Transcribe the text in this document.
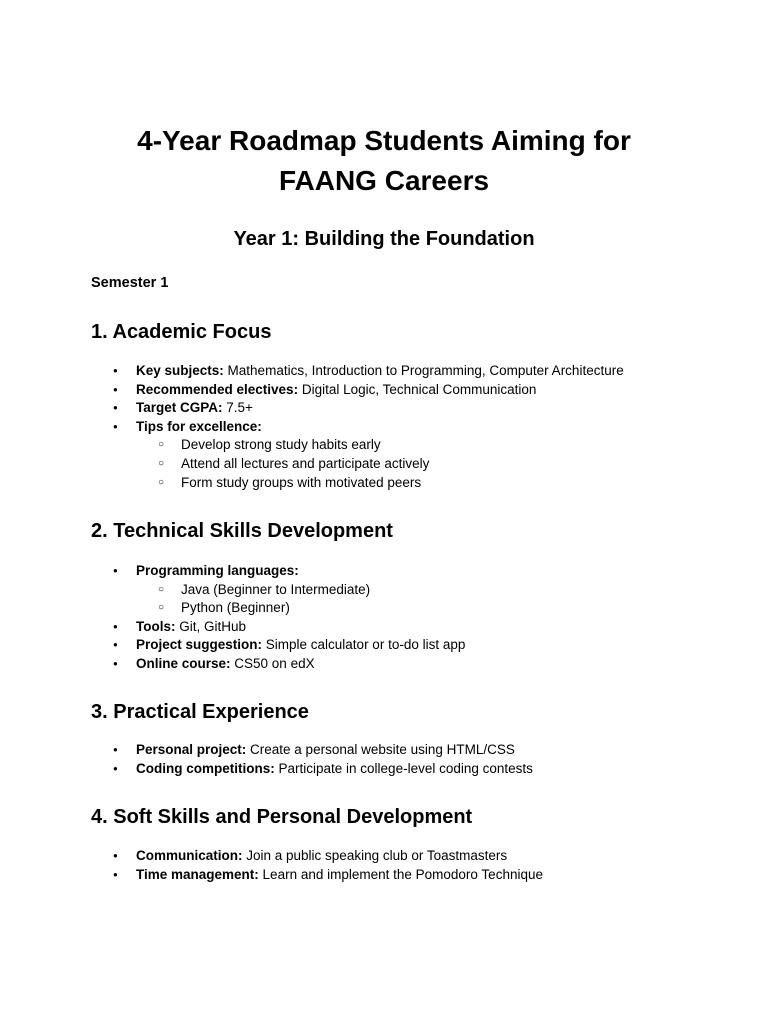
4-Year Roadmap Students Aiming for
FAANG Careers
Year 1: Building the Foundation
Semester 1
1. Academic Focus
● Key subjects: Mathematics, Introduction to Programming, Computer Architecture
● Recommended electives: Digital Logic, Technical Communication
● Target CGPA: 7.5+
● Tips for excellence:
○ Develop strong study habits early
○ Attend all lectures and participate actively
○ Form study groups with motivated peers
2. Technical Skills Development
● Programming languages:
○ Java (Beginner to Intermediate)
○ Python (Beginner)
● Tools: Git, GitHub
● Project suggestion: Simple calculator or to-do list app
● Online course: CS50 on edX
3. Practical Experience
● Personal project: Create a personal website using HTML/CSS
● Coding competitions: Participate in college-level coding contests
4. Soft Skills and Personal Development
● Communication: Join a public speaking club or Toastmasters
● Time management: Learn and implement the Pomodoro Technique
